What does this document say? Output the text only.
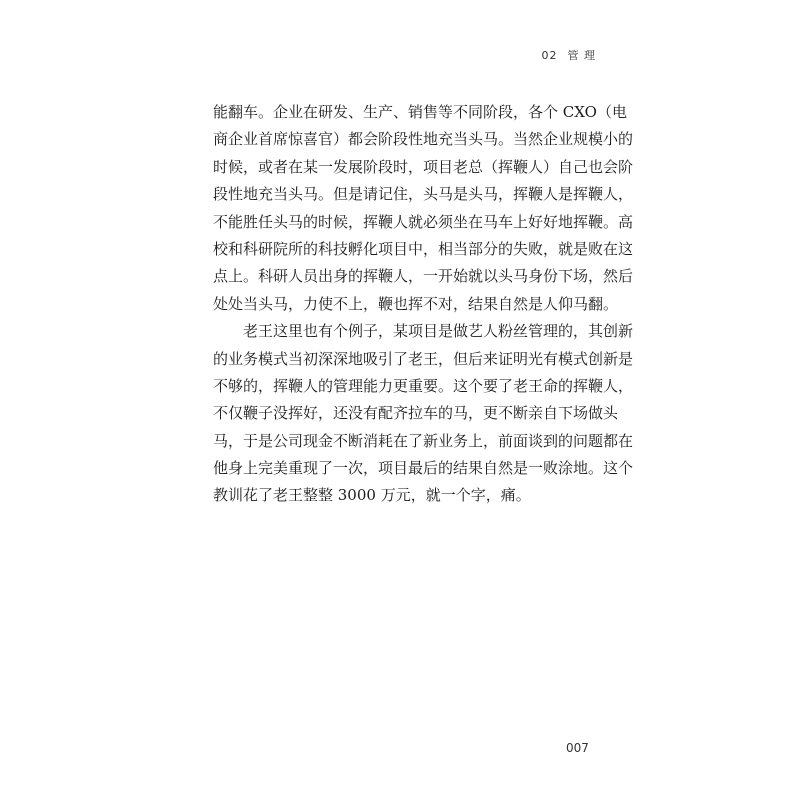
02 管 理
能翻车。企业在研发、生产、销售等不同阶段，各个 CXO（电
商企业首席惊喜官）都会阶段性地充当头马。当然企业规模小的
时候，或者在某一发展阶段时，项目老总（挥鞭人）自己也会阶
段性地充当头马。但是请记住，头马是头马，挥鞭人是挥鞭人，
不能胜任头马的时候，挥鞭人就必须坐在马车上好好地挥鞭。高
校和科研院所的科技孵化项目中，相当部分的失败，就是败在这
点上。科研人员出身的挥鞭人，一开始就以头马身份下场，然后
处处当头马，力使不上，鞭也挥不对，结果自然是人仰马翻。
老王这里也有个例子，某项目是做艺人粉丝管理的，其创新
的业务模式当初深深地吸引了老王，但后来证明光有模式创新是
不够的，挥鞭人的管理能力更重要。这个要了老王命的挥鞭人，
不仅鞭子没挥好，还没有配齐拉车的马，更不断亲自下场做头
马，于是公司现金不断消耗在了新业务上，前面谈到的问题都在
他身上完美重现了一次，项目最后的结果自然是一败涂地。这个
教训花了老王整整 3000 万元，就一个字，痛。
007
